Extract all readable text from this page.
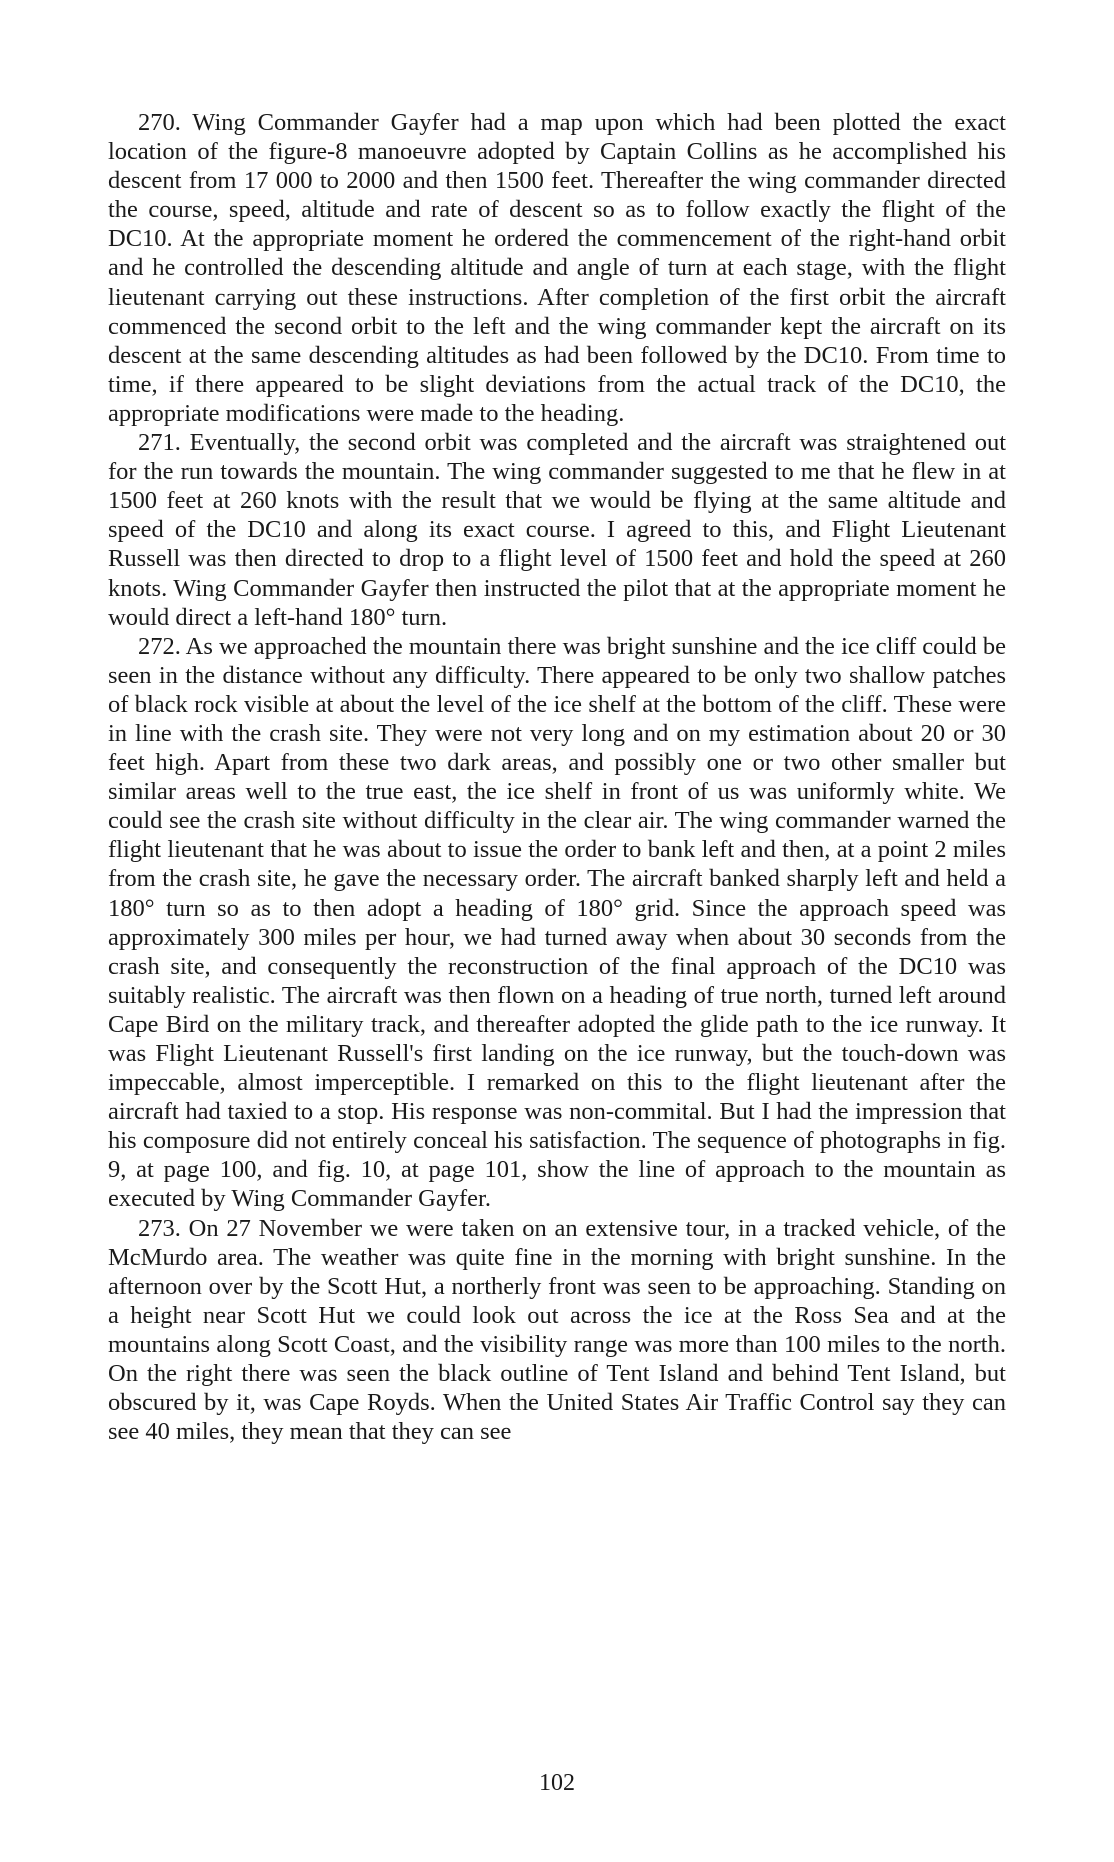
270. Wing Commander Gayfer had a map upon which had been plotted the exact location of the figure-8 manoeuvre adopted by Captain Collins as he accomplished his descent from 17 000 to 2000 and then 1500 feet. Thereafter the wing commander directed the course, speed, altitude and rate of descent so as to follow exactly the flight of the DC10. At the appropriate moment he ordered the commencement of the right-hand orbit and he controlled the descending altitude and angle of turn at each stage, with the flight lieutenant carrying out these instructions. After completion of the first orbit the aircraft commenced the second orbit to the left and the wing commander kept the aircraft on its descent at the same descending altitudes as had been followed by the DC10. From time to time, if there appeared to be slight deviations from the actual track of the DC10, the appropriate modifications were made to the heading.

271. Eventually, the second orbit was completed and the aircraft was straightened out for the run towards the mountain. The wing commander suggested to me that he flew in at 1500 feet at 260 knots with the result that we would be flying at the same altitude and speed of the DC10 and along its exact course. I agreed to this, and Flight Lieutenant Russell was then directed to drop to a flight level of 1500 feet and hold the speed at 260 knots. Wing Commander Gayfer then instructed the pilot that at the appropriate moment he would direct a left-hand 180° turn.

272. As we approached the mountain there was bright sunshine and the ice cliff could be seen in the distance without any difficulty. There appeared to be only two shallow patches of black rock visible at about the level of the ice shelf at the bottom of the cliff. These were in line with the crash site. They were not very long and on my estimation about 20 or 30 feet high. Apart from these two dark areas, and possibly one or two other smaller but similar areas well to the true east, the ice shelf in front of us was uniformly white. We could see the crash site without difficulty in the clear air. The wing commander warned the flight lieutenant that he was about to issue the order to bank left and then, at a point 2 miles from the crash site, he gave the necessary order. The aircraft banked sharply left and held a 180° turn so as to then adopt a heading of 180° grid. Since the approach speed was approximately 300 miles per hour, we had turned away when about 30 seconds from the crash site, and consequently the reconstruction of the final approach of the DC10 was suitably realistic. The aircraft was then flown on a heading of true north, turned left around Cape Bird on the military track, and thereafter adopted the glide path to the ice runway. It was Flight Lieutenant Russell's first landing on the ice runway, but the touch-down was impeccable, almost imperceptible. I remarked on this to the flight lieutenant after the aircraft had taxied to a stop. His response was non-commital. But I had the impression that his composure did not entirely conceal his satisfaction. The sequence of photographs in fig. 9, at page 100, and fig. 10, at page 101, show the line of approach to the mountain as executed by Wing Commander Gayfer.

273. On 27 November we were taken on an extensive tour, in a tracked vehicle, of the McMurdo area. The weather was quite fine in the morning with bright sunshine. In the afternoon over by the Scott Hut, a northerly front was seen to be approaching. Standing on a height near Scott Hut we could look out across the ice at the Ross Sea and at the mountains along Scott Coast, and the visibility range was more than 100 miles to the north. On the right there was seen the black outline of Tent Island and behind Tent Island, but obscured by it, was Cape Royds. When the United States Air Traffic Control say they can see 40 miles, they mean that they can see

102
